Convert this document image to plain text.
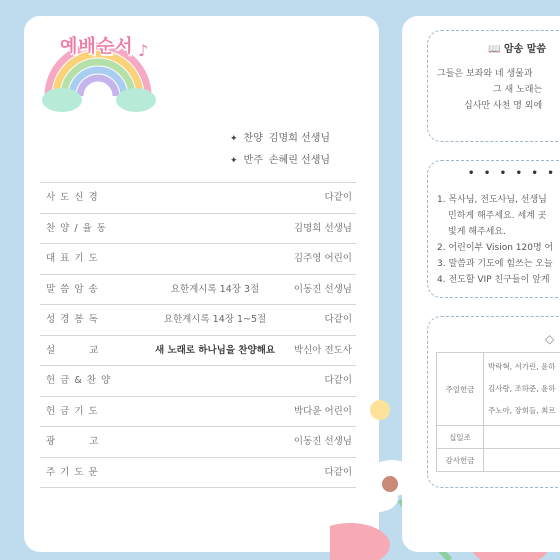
♪
예배순서
✦ 찬양 김명희 선생님
✦ 반주 손혜린 선생님
사도신경	다같이
찬양/율동	김명희 선생님
대표기도	김주영 어린이
말씀암송	요한계시록 14장 3절	이동진 선생님
성경봉독	요한계시록 14장 1~5절	다같이
설　　교	새 노래로 하나님을 찬양해요	박신아 전도사
헌금&찬양	다같이
헌금기도	박다윤 어린이
광　　고	이동진 선생님
주기도문	다같이
📖 암송 말씀
그들은 보좌와 네 생물과
그 새 노래는
십사만 사천 명 외에
• • • • • •
1. 목사님, 전도사님, 선생님
민하게 해주세요. 세계 곳
빛게 해주세요.
2. 어린이부 Vision 120명 어
3. 말씀과 기도에 힘쓰는 오늘
4. 전도할 VIP 친구들이 앞게
◇
주일헌금	박락혁, 서가린, 윤하
김사랑, 조하준, 윤하
주노아, 장희들, 최르

십일조	
감사헌금	
